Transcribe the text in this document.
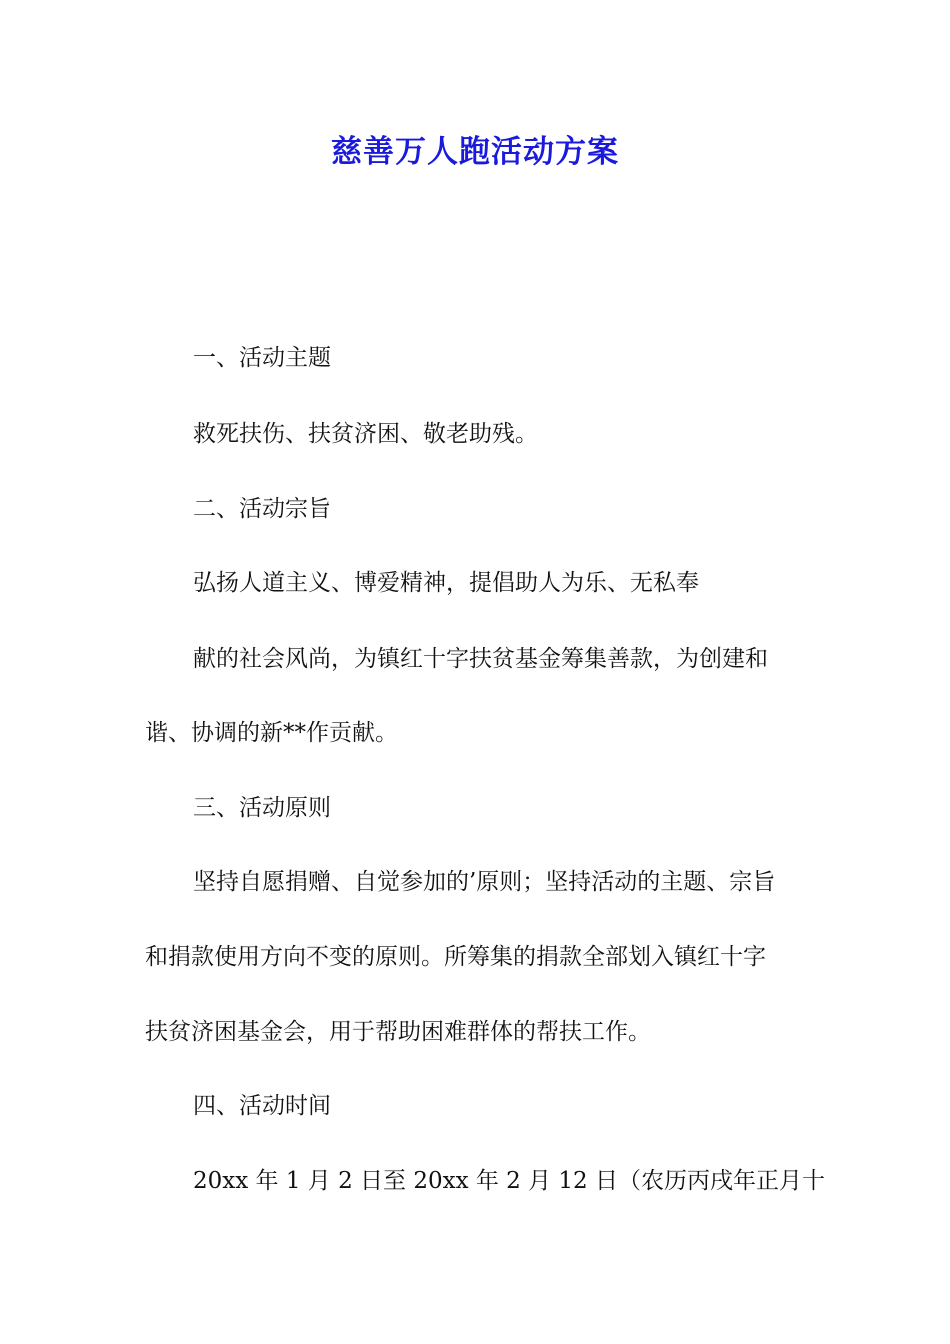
慈善万人跑活动方案

一、活动主题

救死扶伤、扶贫济困、敬老助残。

二、活动宗旨

弘扬人道主义、博爱精神，提倡助人为乐、无私奉

献的社会风尚，为镇红十字扶贫基金筹集善款，为创建和

谐、协调的新**作贡献。

三、活动原则

坚持自愿捐赠、自觉参加的’原则；坚持活动的主题、宗旨

和捐款使用方向不变的原则。所筹集的捐款全部划入镇红十字

扶贫济困基金会，用于帮助困难群体的帮扶工作。

四、活动时间

20xx 年 1 月 2 日至 20xx 年 2 月 12 日（农历丙戌年正月十
